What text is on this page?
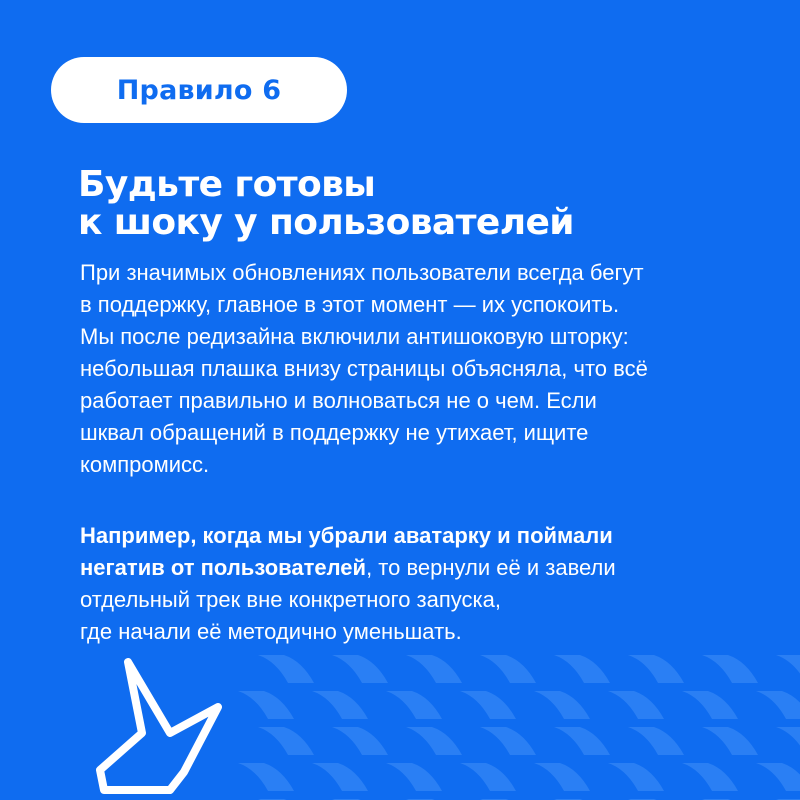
Правило 6
Будьте готовы
к шоку у пользователей
При значимых обновлениях пользователи всегда бегут
в поддержку, главное в этот момент — их успокоить.
Мы после редизайна включили антишоковую шторку:
небольшая плашка внизу страницы объясняла, что всё
работает правильно и волноваться не о чем. Если
шквал обращений в поддержку не утихает, ищите
компромисс.
Например, когда мы убрали аватарку и поймали
негатив от пользователей, то вернули её и завели
отдельный трек вне конкретного запуска,
где начали её методично уменьшать.
